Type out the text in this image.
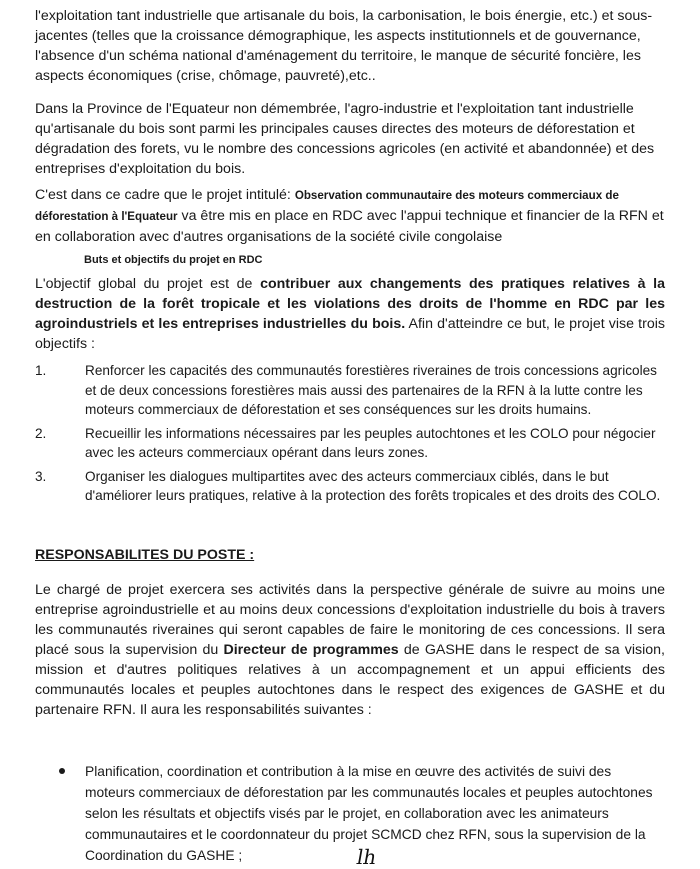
l'exploitation tant industrielle que artisanale du bois, la carbonisation, le bois énergie, etc.) et sous-jacentes (telles que la croissance démographique, les aspects institutionnels et de gouvernance, l'absence d'un schéma national d'aménagement du territoire, le manque de sécurité foncière, les aspects économiques (crise, chômage, pauvreté),etc..

Dans la Province de l'Equateur non démembrée, l'agro-industrie et l'exploitation tant industrielle qu'artisanale du bois sont parmi les principales causes directes des moteurs de déforestation et dégradation des forets, vu le nombre des concessions agricoles (en activité et abandonnée) et des entreprises d'exploitation du bois.

C'est dans ce cadre que le projet intitulé: Observation communautaire des moteurs commerciaux de déforestation à l'Equateur va être mis en place en RDC avec l'appui technique et financier de la RFN et en collaboration avec d'autres organisations de la société civile congolaise

Buts et objectifs du projet en RDC

L'objectif global du projet est de contribuer aux changements des pratiques relatives à la destruction de la forêt tropicale et les violations des droits de l'homme en RDC par les agroindustriels et les entreprises industrielles du bois. Afin d'atteindre ce but, le projet vise trois objectifs :

1.	Renforcer les capacités des communautés forestières riveraines de trois concessions agricoles et de deux concessions forestières mais aussi des partenaires de la RFN à la lutte contre les moteurs commerciaux de déforestation et ses conséquences sur les droits humains.
2.	Recueillir les informations nécessaires par les peuples autochtones et les COLO pour négocier avec les acteurs commerciaux opérant dans leurs zones.
3.	Organiser les dialogues multipartites avec des acteurs commerciaux ciblés, dans le but d'améliorer leurs pratiques, relative à la protection des forêts tropicales et des droits des COLO.

RESPONSABILITES DU POSTE :

Le chargé de projet exercera ses activités dans la perspective générale de suivre au moins une entreprise agroindustrielle et au moins deux concessions d'exploitation industrielle du bois à travers les communautés riveraines qui seront capables de faire le monitoring de ces concessions. Il sera placé sous la supervision du Directeur de programmes de GASHE dans le respect de sa vision, mission et d'autres politiques relatives à un accompagnement et un appui efficients des communautés locales et peuples autochtones dans le respect des exigences de GASHE et du partenaire RFN. Il aura les responsabilités suivantes :

Planification, coordination et contribution à la mise en œuvre des activités de suivi des moteurs commerciaux de déforestation par les communautés locales et peuples autochtones selon les résultats et objectifs visés par le projet, en collaboration avec les animateurs communautaires et le coordonnateur du projet SCMCD chez RFN, sous la supervision de la Coordination du GASHE ;	lh
